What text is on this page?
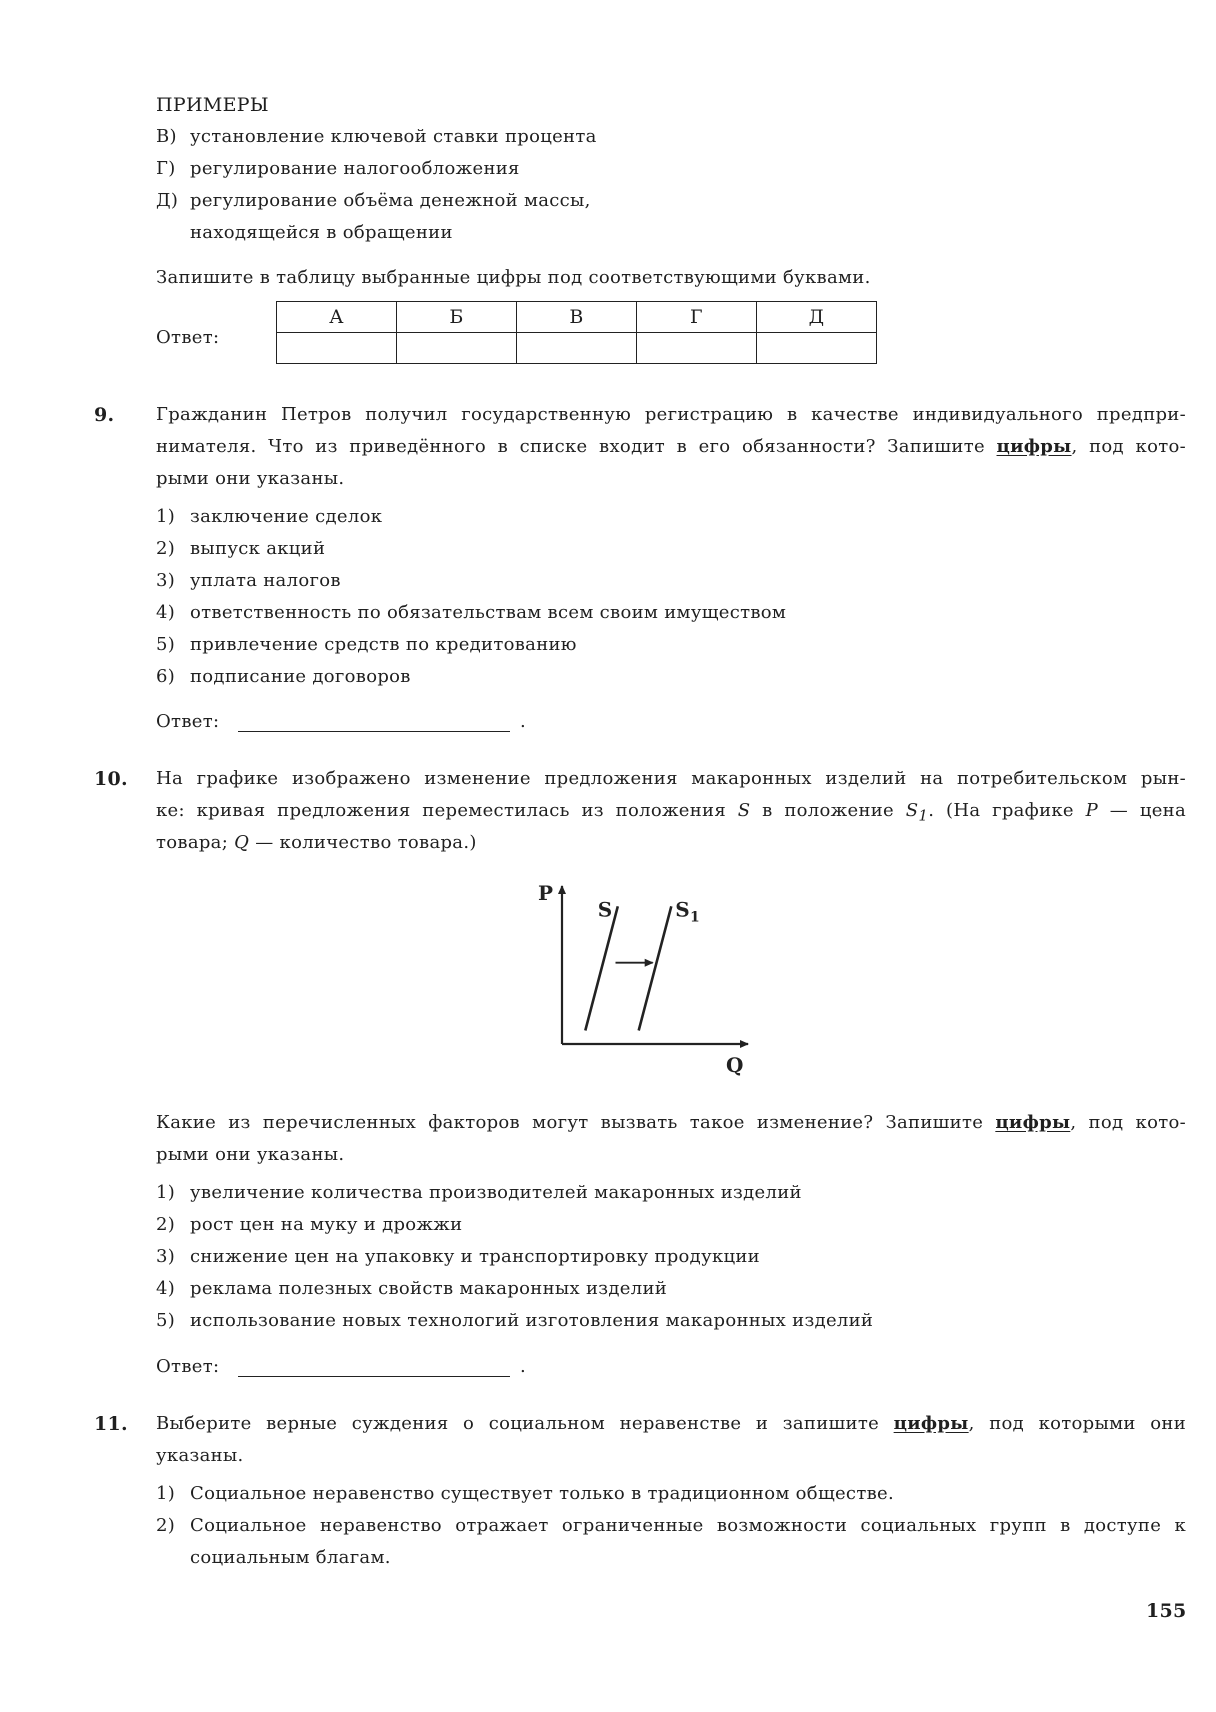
ПРИМЕРЫ
В) установление ключевой ставки процента
Г) регулирование налогообложения
Д) регулирование объёма денежной массы,
находящейся в обращении
Запишите в таблицу выбранные цифры под соответствующими буквами.
Ответ:
А	Б	В	Г	Д

9. Гражданин Петров получил государственную регистрацию в качестве индивидуального предпри-
нимателя. Что из приведённого в списке входит в его обязанности? Запишите цифры, под кото-
рыми они указаны.
1) заключение сделок
2) выпуск акций
3) уплата налогов
4) ответственность по обязательствам всем своим имуществом
5) привлечение средств по кредитованию
6) подписание договоров
Ответ:	.
10. На графике изображено изменение предложения макаронных изделий на потребительском рын-
ке: кривая предложения переместилась из положения S в положение $S_1$. (На графике P — цена
товара; Q — количество товара.)
P
Q
S	$S_1$
Какие из перечисленных факторов могут вызвать такое изменение? Запишите цифры, под кото-
рыми они указаны.
1) увеличение количества производителей макаронных изделий
2) рост цен на муку и дрожжи
3) снижение цен на упаковку и транспортировку продукции
4) реклама полезных свойств макаронных изделий
5) использование новых технологий изготовления макаронных изделий
Ответ:	.
11. Выберите верные суждения о социальном неравенстве и запишите цифры, под которыми они
указаны.
1) Социальное неравенство существует только в традиционном обществе.
2) Социальное неравенство отражает ограниченные возможности социальных групп в доступе к
социальным благам.
155
